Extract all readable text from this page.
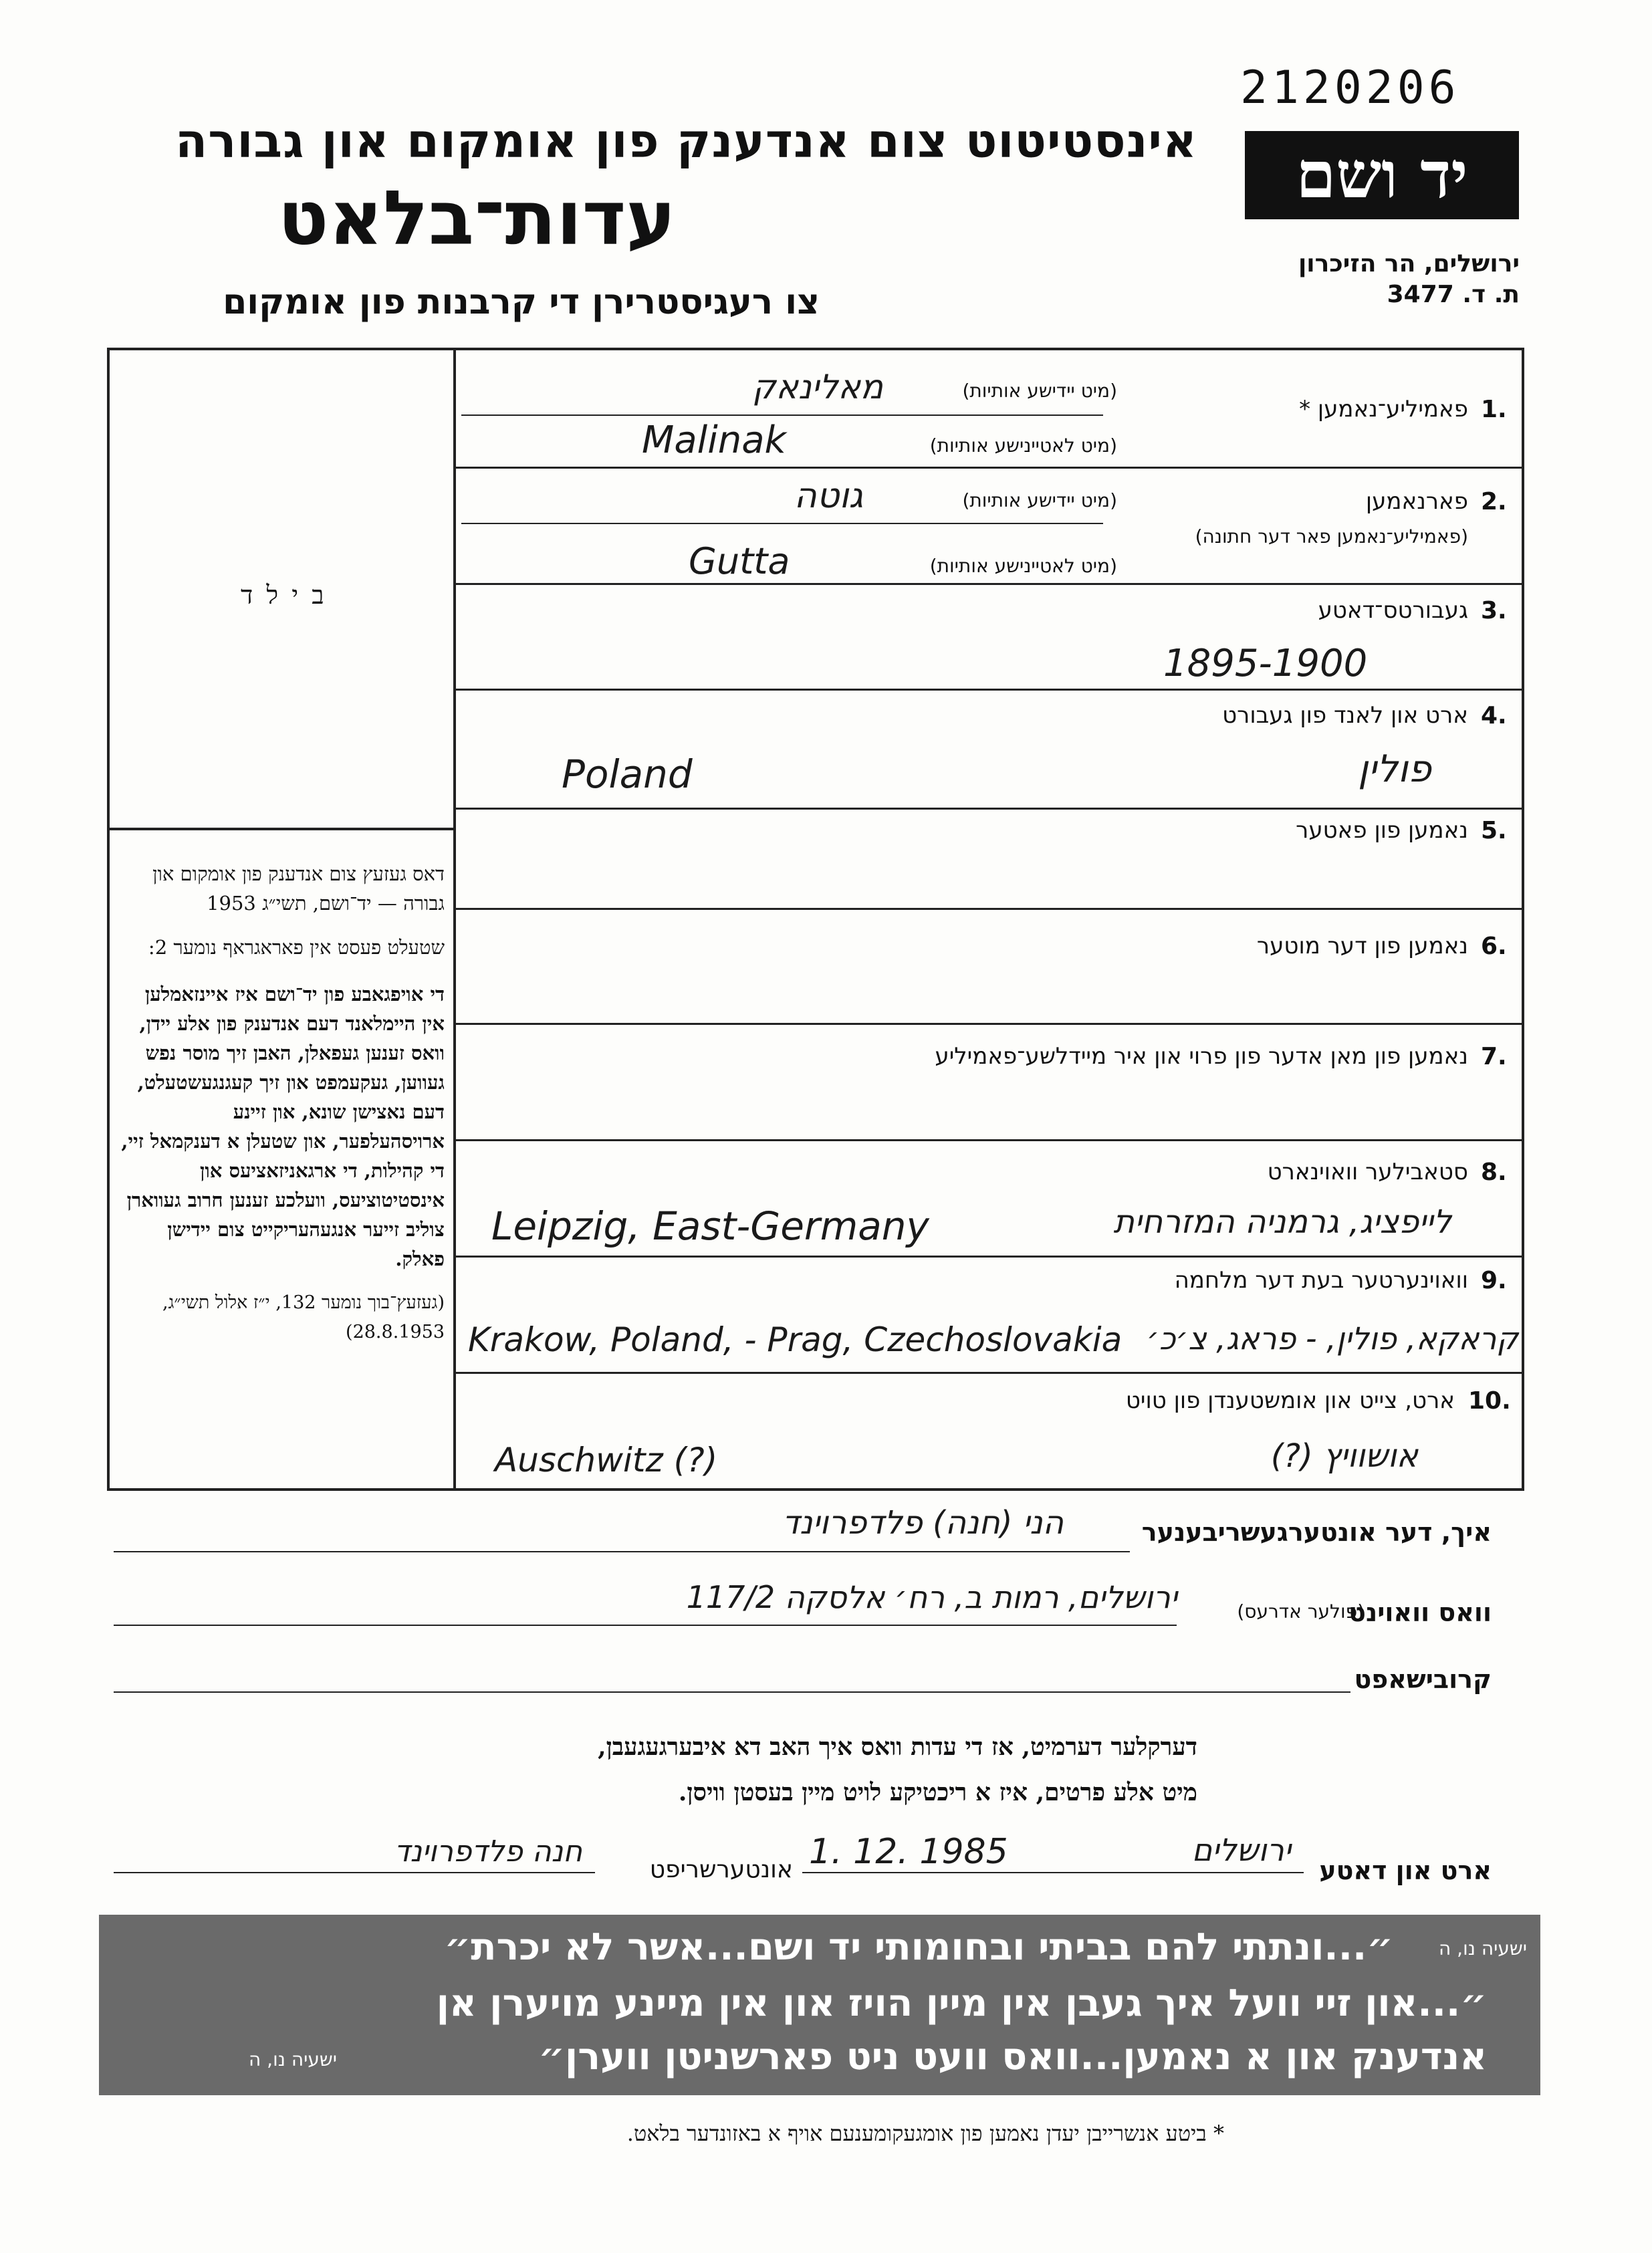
2120206
אינסטיטוט צום אנדענק פון אומקום און גבורה
עדות־בלאט
צו רעגיסטרירן די קרבנות פון אומקום
יד ושם
ירושלים, הר הזיכרון
ת. ד. 3477
ב י ל ד

דאס געזעץ צום אנדענק פון אומקום און גבורה — יד־ושם, תשי״ג 1953

שטעלט פעסט אין פאראגראף נומער 2:

די אויפגאבע פון יד־ושם איז איינזאמלען אין היימלאנד דעם אנדענק פון אלע יידן, וואס זענען געפאלן, האבן זיך מוסר נפש געווען, געקעמפט און זיך קעגנגעשטעלט, דעם נאצישן שונא, און זיינע ארויסהעלפער, און שטעלן א דענקמאל זיי, די קהילות, די ארגאניזאציעס און אינסטיטוציעס, וועלכע זענען חרוב געווארן צוליב זייער אנגעהעריקייט צום יידישן פאלק.

(געזעץ־בוך נומער 132, י״ז אלול תשי״ג, 28.8.1953)

1.
פאמיליע־נאמען *
(מיט יידישע אותיות)
מאלינאק
(מיט לאטיינישע אותיות)
Malinak
2.
פארנאמען
(פאמיליע־נאמען פאר דער חתונה)
(מיט יידישע אותיות)
גוטה
(מיט לאטיינישע אותיות)
Gutta
3.
געבורטס־דאטע
1895-1900
4.
ארט און לאנד פון געבורט
Poland	פולין
5.
נאמען פון פאטער
6.
נאמען פון דער מוטער
7.
נאמען פון מאן אדער פון פרוי און איר מיידלשע־פאמיליע
8.
סטאבילער וואוינארט
Leipzig, East-Germany	לייפציג, גרמניה המזרחית
9.
וואוינערטער בעת דער מלחמה
Krakow, Poland, - Prag, Czechoslovakia קראקא, פולין, - פראג, צ׳כ׳
10.
ארט, צייט און אומשטענדן פון טויט
Auschwitz (?)	אושוויץ (?)
איך, דער אונטערגעשריבענער
הני (חנה) פלדפרוינד
וואס וואוינט
(פולער אדרעס)
ירושלים, רמות ב, רח׳ אלסקה 117/2
קרובישאפט
דערקלער דערמיט, אז די עדות וואס איך האב דא איבערגעגעבן,
מיט אלע פרטים, איז א ריכטיקע לויט מיין בעסטן וויסן.
ארט און דאטע
ירושלים
1. 12. 1985
אונטערשריפט
חנה פלדפרוינד
״...ונתתי להם בביתי ובחומותי יד ושם...אשר לא יכרת״	ישעיה נו, ה
״...און זיי וועל איך געבן אין מיין הויז און אין מיינע מויערן אן
אנדענק און א נאמען...וואס וועט ניט פארשניטן ווערן״
ישעיה נו, ה
* ביטע אנשרייבן יעדן נאמען פון אומגעקומענעם אויף א באזונדער בלאט.
